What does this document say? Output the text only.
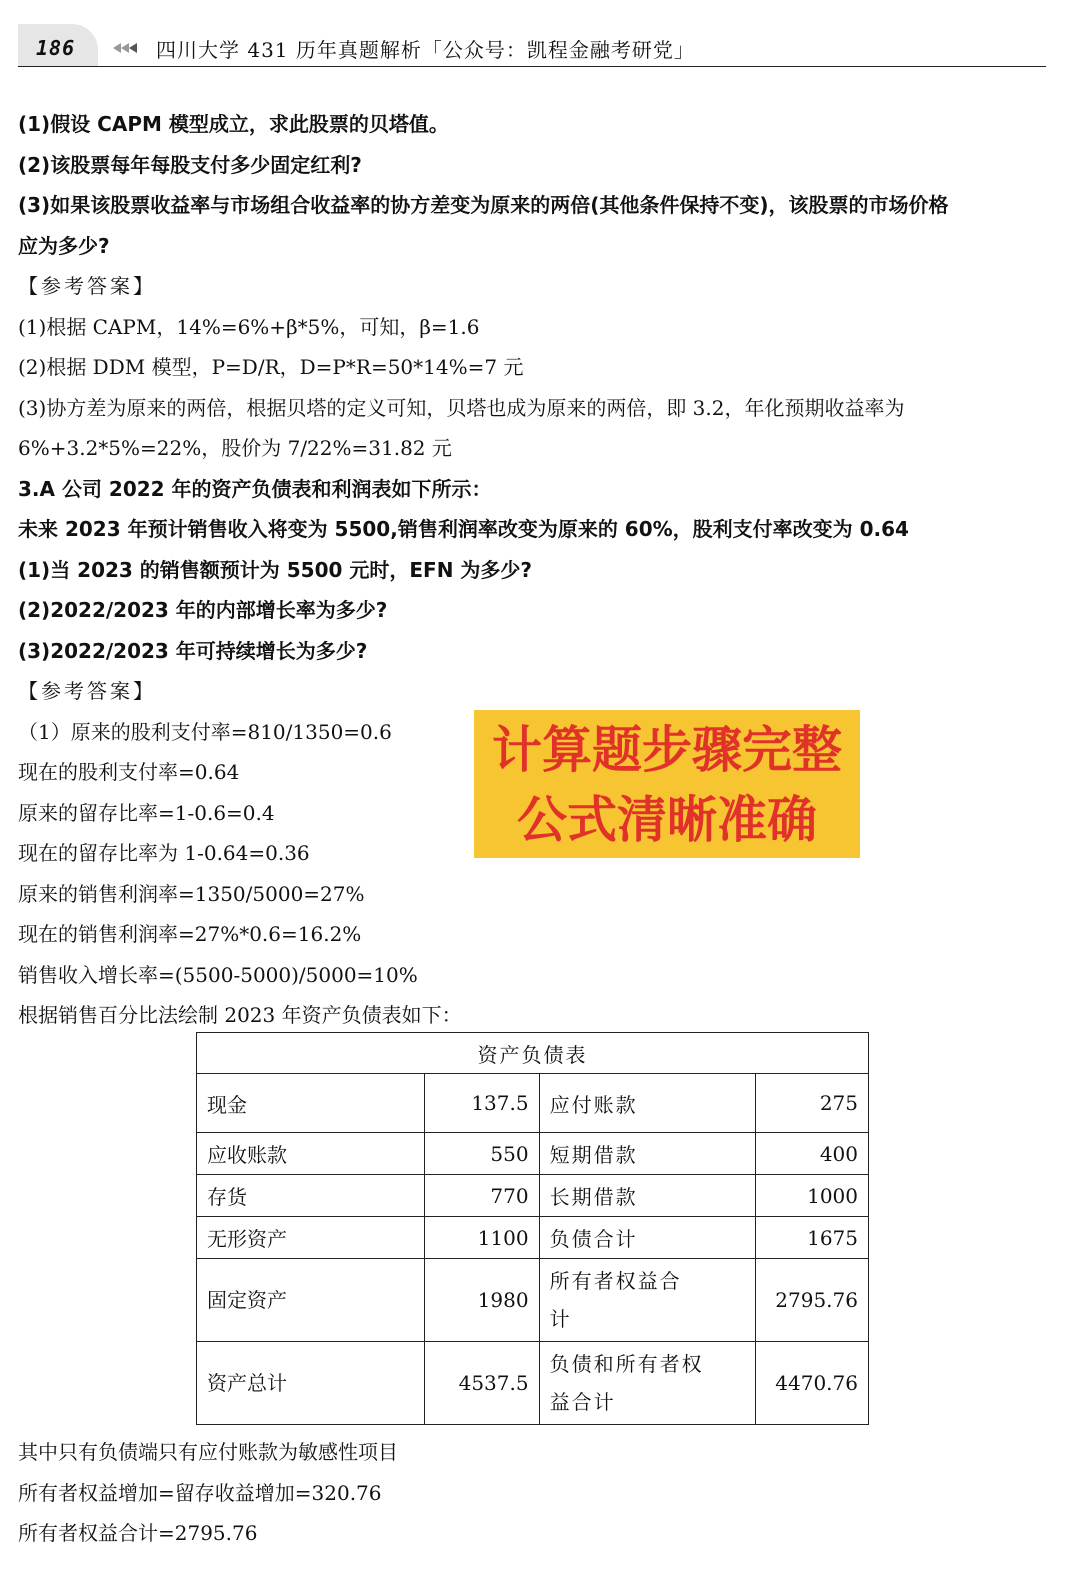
186	四川大学 431 历年真题解析「公众号：凯程金融考研党」
(1)假设 CAPM 模型成立，求此股票的贝塔值。
(2)该股票每年每股支付多少固定红利?
(3)如果该股票收益率与市场组合收益率的协方差变为原来的两倍(其他条件保持不变)，该股票的市场价格
应为多少?
【参考答案】
(1)根据 CAPM，14%=6%+β*5%，可知，β=1.6
(2)根据 DDM 模型，P=D/R，D=P*R=50*14%=7 元
(3)协方差为原来的两倍，根据贝塔的定义可知，贝塔也成为原来的两倍，即 3.2，年化预期收益率为
6%+3.2*5%=22%，股价为 7/22%=31.82 元
3.A 公司 2022 年的资产负债表和利润表如下所示：
未来 2023 年预计销售收入将变为 5500,销售利润率改变为原来的 60%，股利支付率改变为 0.64
(1)当 2023 的销售额预计为 5500 元时，EFN 为多少?
(2)2022/2023 年的内部增长率为多少?
(3)2022/2023 年可持续增长为多少?
【参考答案】
（1）原来的股利支付率=810/1350=0.6
现在的股利支付率=0.64
原来的留存比率=1-0.6=0.4
现在的留存比率为 1-0.64=0.36
原来的销售利润率=1350/5000=27%
现在的销售利润率=27%*0.6=16.2%
销售收入增长率=(5500-5000)/5000=10%
根据销售百分比法绘制 2023 年资产负债表如下：
计算题步骤完整
公式清晰准确
资产负债表			
现金	137.5	应付账款	275
应收账款	550	短期借款	400
存货	770	长期借款	1000
无形资产	1100	负债合计	1675
固定资产	1980	所有者权益合
计	2795.76
资产总计	4537.5	负债和所有者权
益合计	4470.76
其中只有负债端只有应付账款为敏感性项目
所有者权益增加=留存收益增加=320.76
所有者权益合计=2795.76
